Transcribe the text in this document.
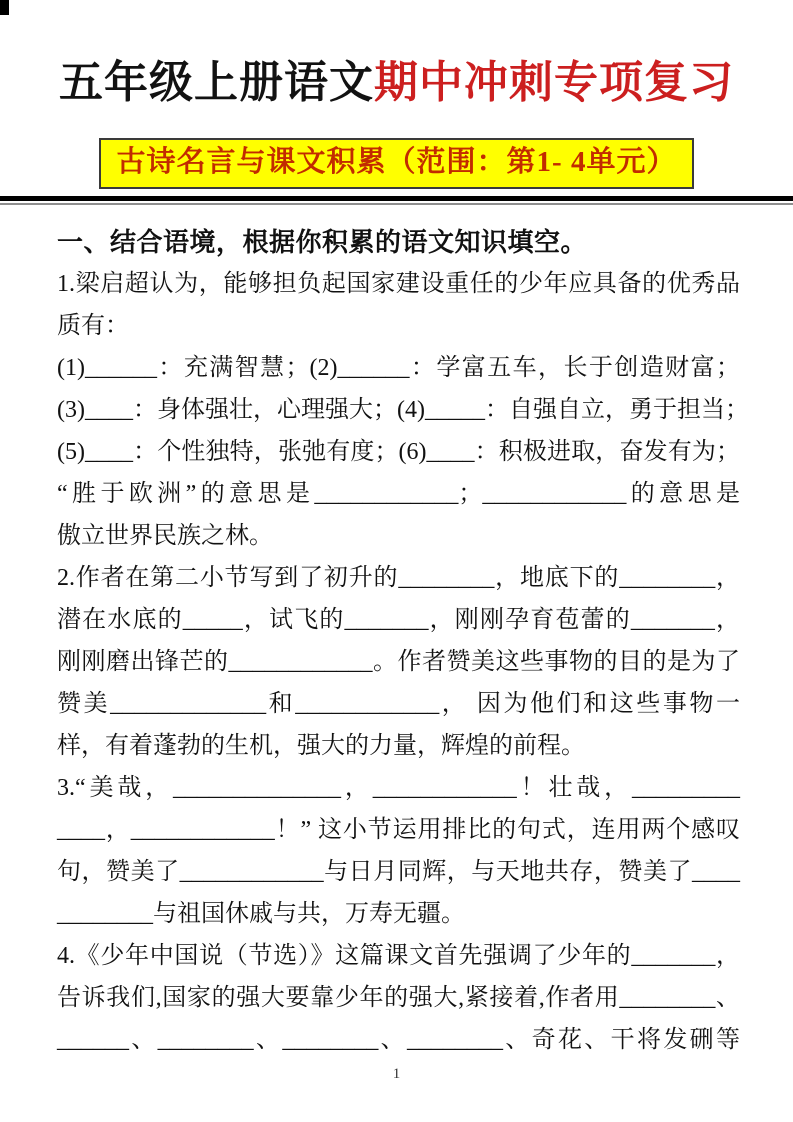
五年级上册语文期中冲刺专项复习
古诗名言与课文积累（范围：第1- 4单元）
一、结合语境，根据你积累的语文知识填空。
1.梁启超认为，能够担负起国家建设重任的少年应具备的优秀品
质有：
(1)______：充满智慧；(2)______：学富五车，长于创造财富；
(3)____：身体强壮，心理强大；(4)_____：自强自立，勇于担当；
(5)____：个性独特，张弛有度；(6)____：积极进取，奋发有为；
“胜于欧洲”的意思是____________；____________的意思是
傲立世界民族之林。
2.作者在第二小节写到了初升的________，地底下的________，
潜在水底的_____，试飞的_______，刚刚孕育苞蕾的_______，
刚刚磨出锋芒的____________。作者赞美这些事物的目的是为了
赞美_____________和____________， 因为他们和这些事物一
样，有着蓬勃的生机，强大的力量，辉煌的前程。
3.“美哉，______________，____________！壮哉，_________
____，____________！” 这小节运用排比的句式，连用两个感叹
句，赞美了____________与日月同辉，与天地共存，赞美了____
________与祖国休戚与共，万寿无疆。
4.《少年中国说（节选）》这篇课文首先强调了少年的_______，
告诉我们,国家的强大要靠少年的强大,紧接着,作者用________、
______、________、________、________、奇花、干将发硎等
1
